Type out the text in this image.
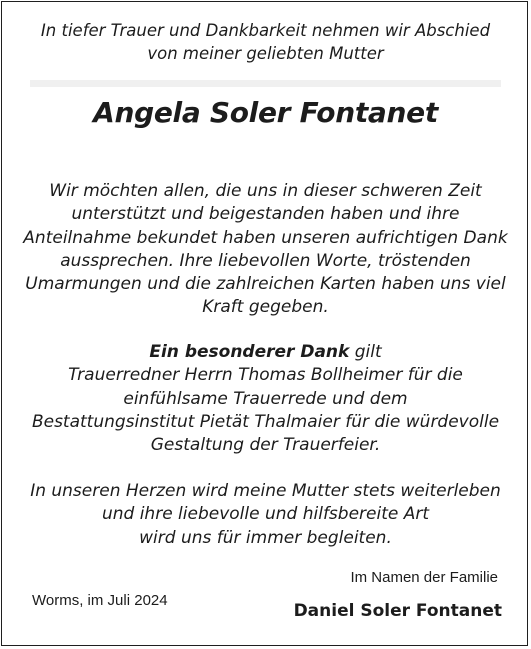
In tiefer Trauer und Dankbarkeit nehmen wir Abschied
von meiner geliebten Mutter
Angela Soler Fontanet
Wir möchten allen, die uns in dieser schweren Zeit
unterstützt und beigestanden haben und ihre
Anteilnahme bekundet haben unseren aufrichtigen Dank
aussprechen. Ihre liebevollen Worte, tröstenden
Umarmungen und die zahlreichen Karten haben uns viel
Kraft gegeben.
Ein besonderer Dank gilt
Trauerredner Herrn Thomas Bollheimer für die
einfühlsame Trauerrede und dem
Bestattungsinstitut Pietät Thalmaier für die würdevolle
Gestaltung der Trauerfeier.
In unseren Herzen wird meine Mutter stets weiterleben
und ihre liebevolle und hilfsbereite Art
wird uns für immer begleiten.
Im Namen der Familie
Worms, im Juli 2024
Daniel Soler Fontanet
